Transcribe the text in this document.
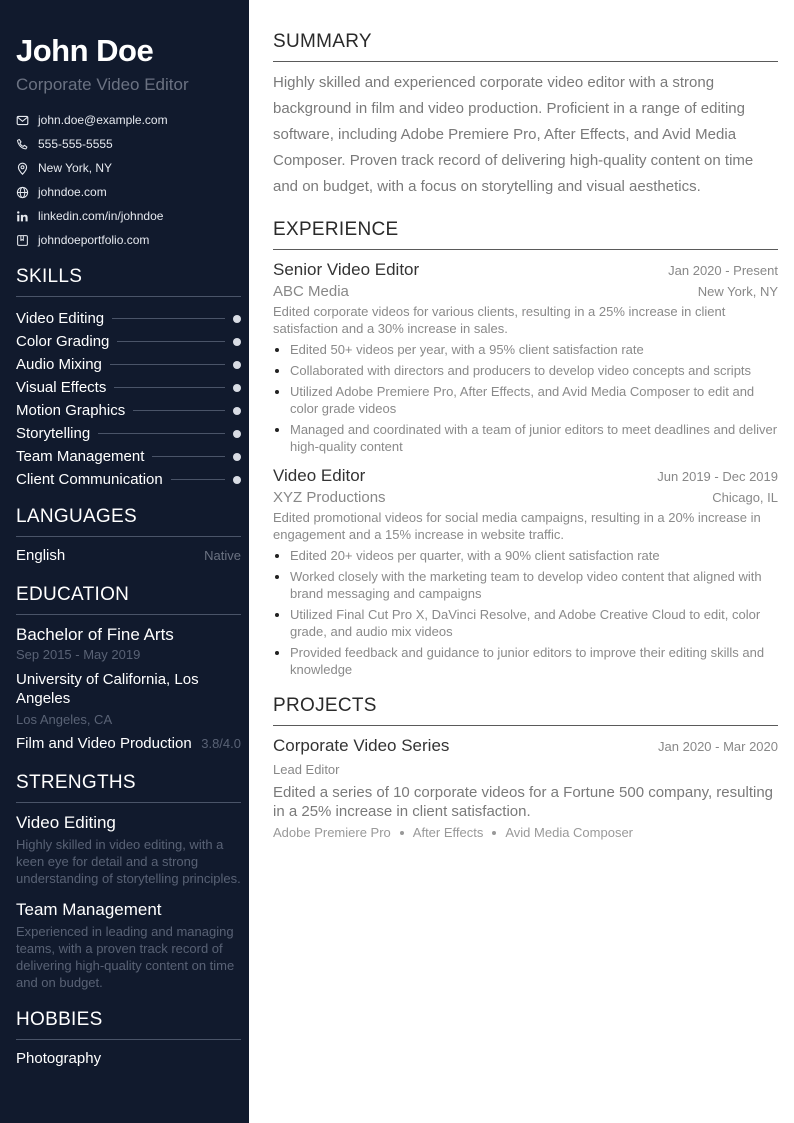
John Doe
Corporate Video Editor
john.doe@example.com
555-555-5555
New York, NY
johndoe.com
linkedin.com/in/johndoe
johndoeportfolio.com
SKILLS
Video Editing
Color Grading
Audio Mixing
Visual Effects
Motion Graphics
Storytelling
Team Management
Client Communication
LANGUAGES
English	Native
EDUCATION
Bachelor of Fine Arts
Sep 2015 - May 2019
University of California, Los Angeles
Los Angeles, CA
Film and Video Production 3.8/4.0
STRENGTHS
Video Editing
Highly skilled in video editing, with a keen eye for detail and a strong understanding of storytelling principles.
Team Management
Experienced in leading and managing teams, with a proven track record of delivering high-quality content on time and on budget.
HOBBIES
Photography
SUMMARY
Highly skilled and experienced corporate video editor with a strong background in film and video production. Proficient in a range of editing software, including Adobe Premiere Pro, After Effects, and Avid Media Composer. Proven track record of delivering high-quality content on time and on budget, with a focus on storytelling and visual aesthetics.
EXPERIENCE
Senior Video Editor	Jan 2020 - Present
ABC Media	New York, NY
Edited corporate videos for various clients, resulting in a 25% increase in client satisfaction and a 30% increase in sales.
• Edited 50+ videos per year, with a 95% client satisfaction rate
• Collaborated with directors and producers to develop video concepts and scripts
• Utilized Adobe Premiere Pro, After Effects, and Avid Media Composer to edit and color grade videos
• Managed and coordinated with a team of junior editors to meet deadlines and deliver high-quality content
Video Editor	Jun 2019 - Dec 2019
XYZ Productions	Chicago, IL
Edited promotional videos for social media campaigns, resulting in a 20% increase in engagement and a 15% increase in website traffic.
• Edited 20+ videos per quarter, with a 90% client satisfaction rate
• Worked closely with the marketing team to develop video content that aligned with brand messaging and campaigns
• Utilized Final Cut Pro X, DaVinci Resolve, and Adobe Creative Cloud to edit, color grade, and audio mix videos
• Provided feedback and guidance to junior editors to improve their editing skills and knowledge
PROJECTS
Corporate Video Series	Jan 2020 - Mar 2020
Lead Editor
Edited a series of 10 corporate videos for a Fortune 500 company, resulting in a 25% increase in client satisfaction.
Adobe Premiere Pro After Effects Avid Media Composer
